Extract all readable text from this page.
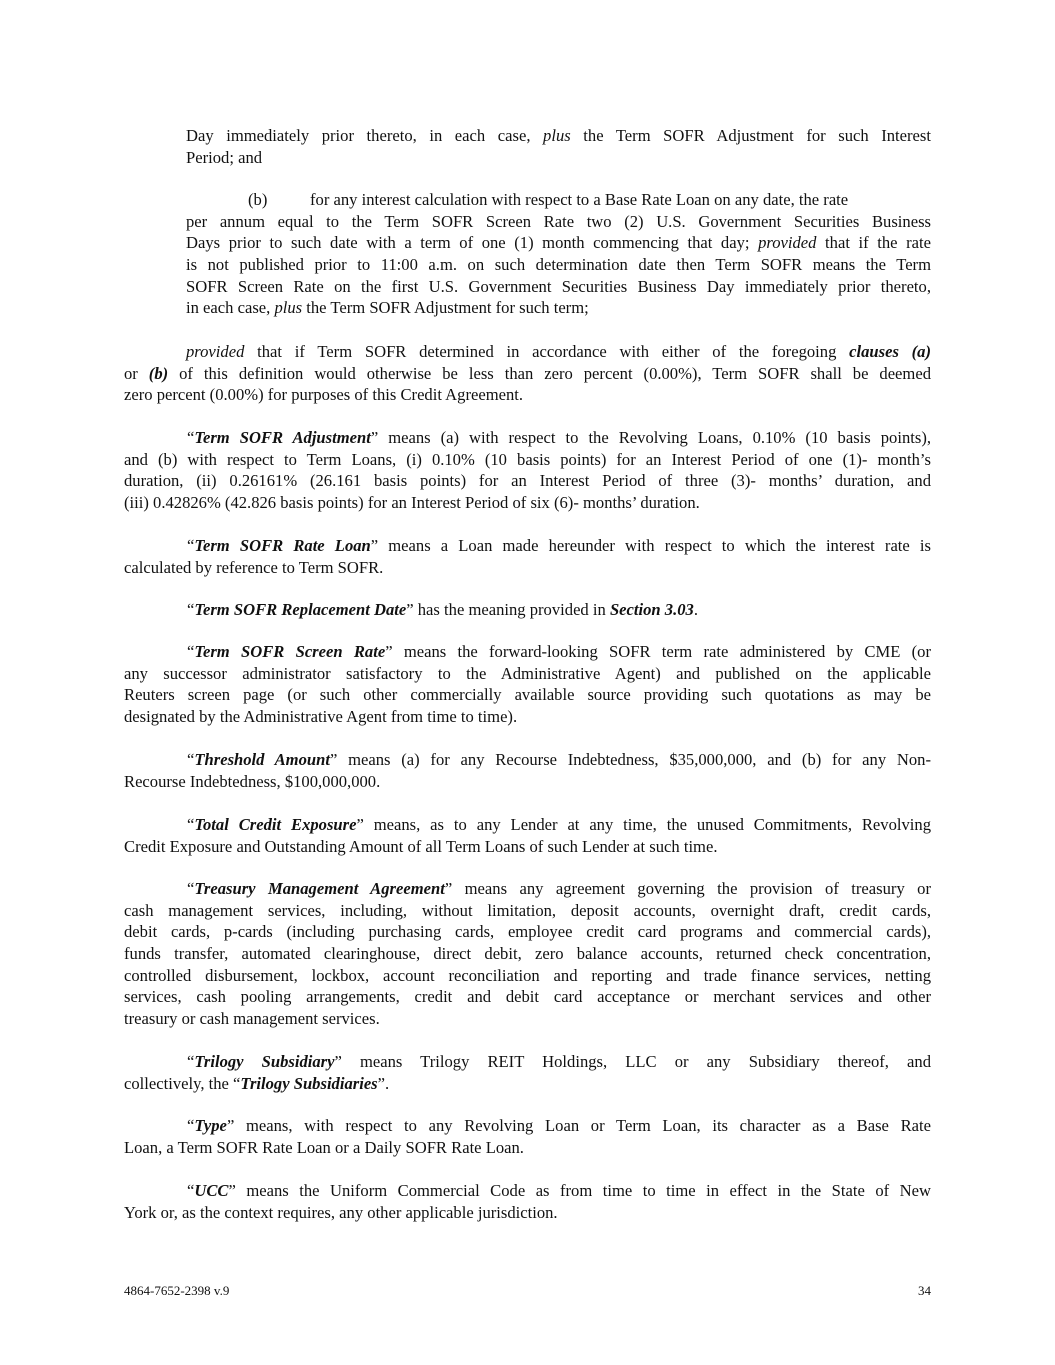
Day immediately prior thereto, in each case, plus the Term SOFR Adjustment for such Interest
Period; and
(b)	for any interest calculation with respect to a Base Rate Loan on any date, the rate
per annum equal to the Term SOFR Screen Rate two (2) U.S. Government Securities Business
Days prior to such date with a term of one (1) month commencing that day; provided that if the rate
is not published prior to 11:00 a.m. on such determination date then Term SOFR means the Term
SOFR Screen Rate on the first U.S. Government Securities Business Day immediately prior thereto,
in each case, plus the Term SOFR Adjustment for such term;
provided that if Term SOFR determined in accordance with either of the foregoing clauses (a)
or (b) of this definition would otherwise be less than zero percent (0.00%), Term SOFR shall be deemed
zero percent (0.00%) for purposes of this Credit Agreement.
“Term SOFR Adjustment” means (a) with respect to the Revolving Loans, 0.10% (10 basis points),
and (b) with respect to Term Loans, (i) 0.10% (10 basis points) for an Interest Period of one (1)- month’s
duration, (ii) 0.26161% (26.161 basis points) for an Interest Period of three (3)- months’ duration, and
(iii) 0.42826% (42.826 basis points) for an Interest Period of six (6)- months’ duration.
“Term SOFR Rate Loan” means a Loan made hereunder with respect to which the interest rate is
calculated by reference to Term SOFR.
“Term SOFR Replacement Date” has the meaning provided in Section 3.03.
“Term SOFR Screen Rate” means the forward-looking SOFR term rate administered by CME (or
any successor administrator satisfactory to the Administrative Agent) and published on the applicable
Reuters screen page (or such other commercially available source providing such quotations as may be
designated by the Administrative Agent from time to time).
“Threshold Amount” means (a) for any Recourse Indebtedness, $35,000,000, and (b) for any Non-
Recourse Indebtedness, $100,000,000.
“Total Credit Exposure” means, as to any Lender at any time, the unused Commitments, Revolving
Credit Exposure and Outstanding Amount of all Term Loans of such Lender at such time.
“Treasury Management Agreement” means any agreement governing the provision of treasury or
cash management services, including, without limitation, deposit accounts, overnight draft, credit cards,
debit cards, p-cards (including purchasing cards, employee credit card programs and commercial cards),
funds transfer, automated clearinghouse, direct debit, zero balance accounts, returned check concentration,
controlled disbursement, lockbox, account reconciliation and reporting and trade finance services, netting
services, cash pooling arrangements, credit and debit card acceptance or merchant services and other
treasury or cash management services.
“Trilogy Subsidiary” means Trilogy REIT Holdings, LLC or any Subsidiary thereof, and
collectively, the “Trilogy Subsidiaries”.
“Type” means, with respect to any Revolving Loan or Term Loan, its character as a Base Rate
Loan, a Term SOFR Rate Loan or a Daily SOFR Rate Loan.
“UCC” means the Uniform Commercial Code as from time to time in effect in the State of New
York or, as the context requires, any other applicable jurisdiction.
4864-7652-2398 v.9	34
